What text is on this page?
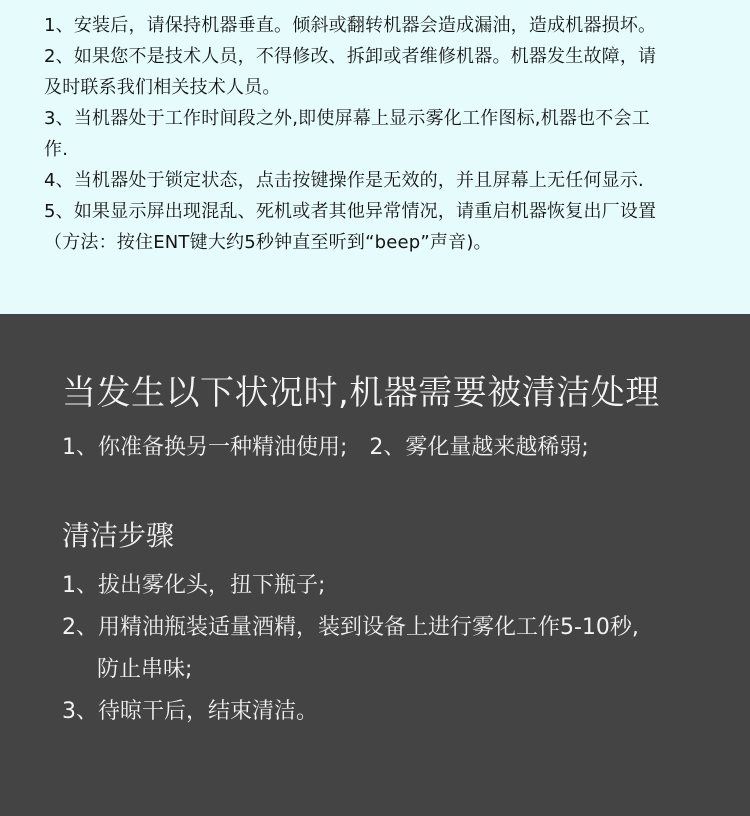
1、安装后，请保持机器垂直。倾斜或翻转机器会造成漏油，造成机器损坏。
2、如果您不是技术人员，不得修改、拆卸或者维修机器。机器发生故障，请
及时联系我们相关技术人员。
3、当机器处于工作时间段之外,即使屏幕上显示雾化工作图标,机器也不会工
作.
4、当机器处于锁定状态，点击按键操作是无效的，并且屏幕上无任何显示.
5、如果显示屏出现混乱、死机或者其他异常情况，请重启机器恢复出厂设置
（方法：按住ENT键大约5秒钟直至听到“beep”声音)。
当发生以下状况时,机器需要被清洁处理
1、你准备换另一种精油使用; 2、雾化量越来越稀弱;
清洁步骤
1、拔出雾化头，扭下瓶子;
2、用精油瓶装适量酒精，装到设备上进行雾化工作5-10秒,
防止串味;
3、待晾干后，结束清洁。
